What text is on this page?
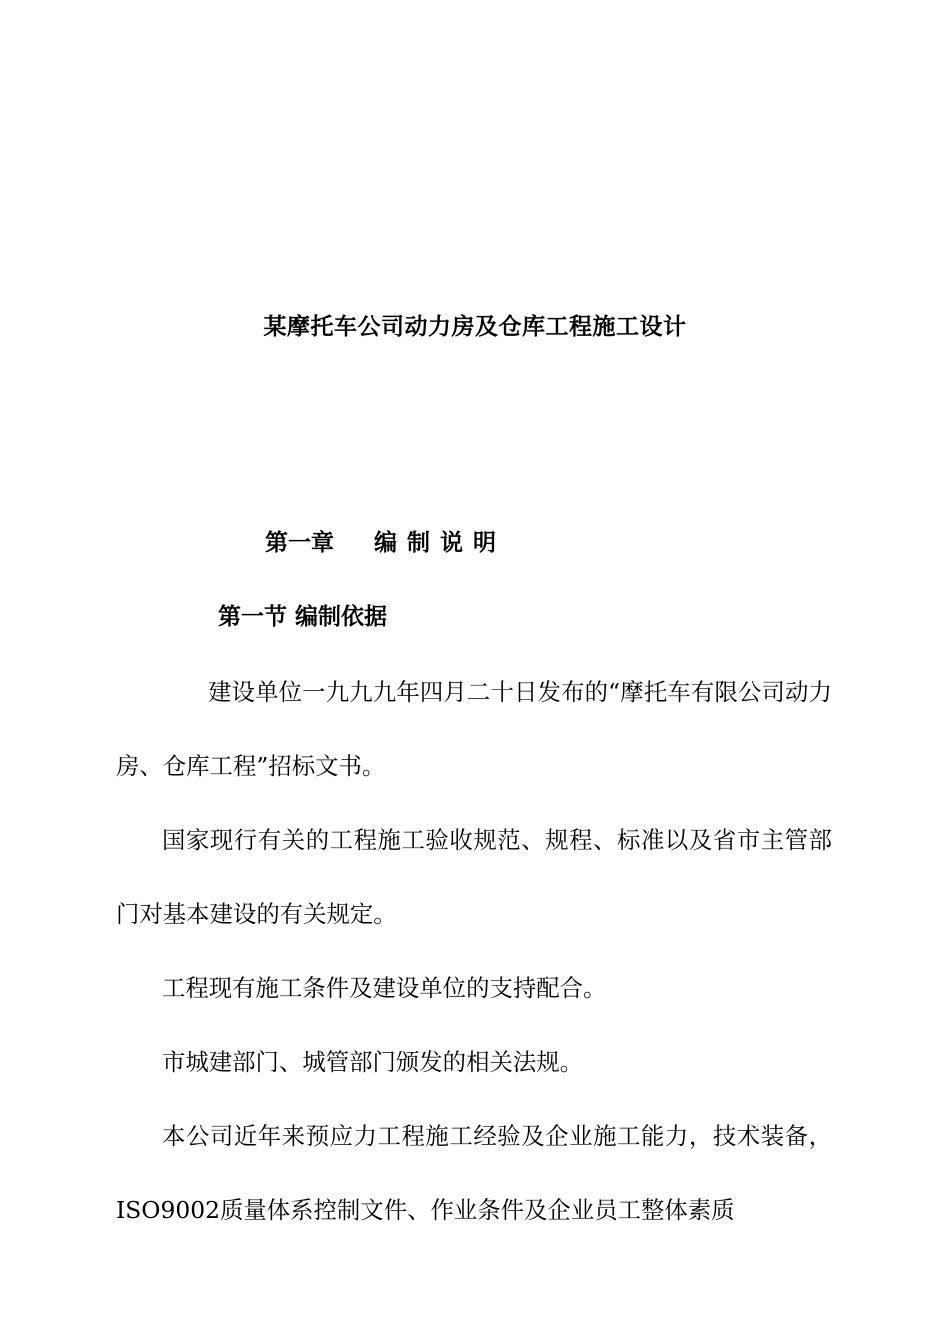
某摩托车公司动力房及仓库工程施工设计
第一章 编制说明
第一节 编制依据

建设单位一九九九年四月二十日发布的“摩托车有限公司动力房、仓库工程”招标文书。

国家现行有关的工程施工验收规范、规程、标准以及省市主管部门对基本建设的有关规定。

工程现有施工条件及建设单位的支持配合。

市城建部门、城管部门颁发的相关法规。

本公司近年来预应力工程施工经验及企业施工能力，技术装备，ISO9002质量体系控制文件、作业条件及企业员工整体素质
